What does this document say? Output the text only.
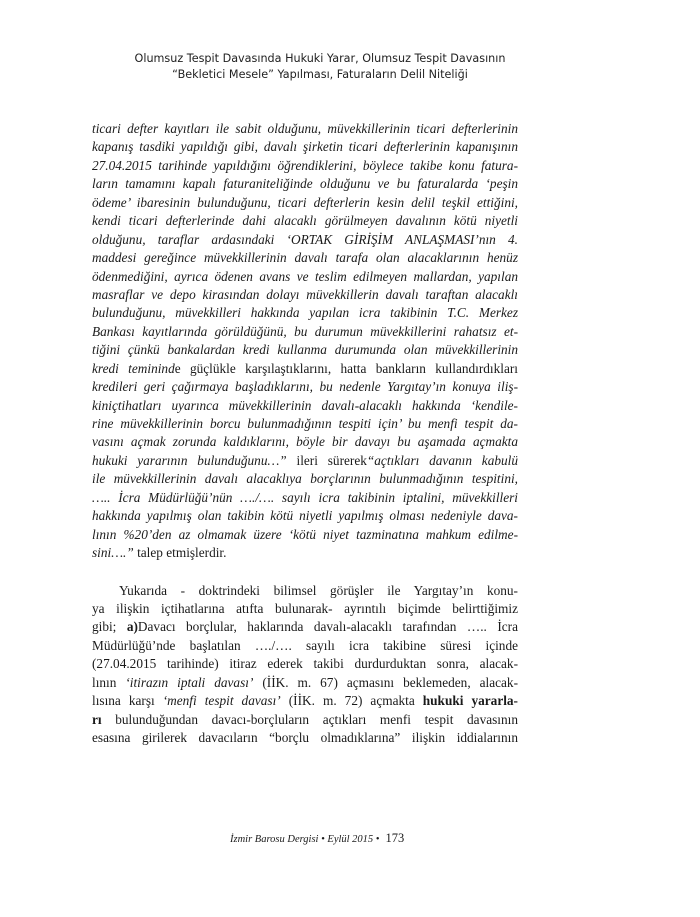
Olumsuz Tespit Davasında Hukuki Yarar, Olumsuz Tespit Davasının
“Bekletici Mesele” Yapılması, Faturaların Delil Niteliği
ticari defter kayıtları ile sabit olduğunu, müvekkillerinin ticari defterlerinin
kapanış tasdiki yapıldığı gibi, davalı şirketin ticari defterlerinin kapanışının
27.04.2015 tarihinde yapıldığını öğrendiklerini, böylece takibe konu fatura-
ların tamamını kapalı faturaniteliğinde olduğunu ve bu faturalarda ‘peşin
ödeme’ ibaresinin bulunduğunu, ticari defterlerin kesin delil teşkil ettiğini,
kendi ticari defterlerinde dahi alacaklı görülmeyen davalının kötü niyetli
olduğunu, taraflar ardasındaki ‘ORTAK GİRİŞİM ANLAŞMASI’nın 4.
maddesi gereğince müvekkillerinin davalı tarafa olan alacaklarının henüz
ödenmediğini, ayrıca ödenen avans ve teslim edilmeyen mallardan, yapılan
masraflar ve depo kirasından dolayı müvekkillerin davalı taraftan alacaklı
bulunduğunu, müvekkilleri hakkında yapılan icra takibinin T.C. Merkez
Bankası kayıtlarında görüldüğünü, bu durumun müvekkillerini rahatsız et-
tiğini çünkü bankalardan kredi kullanma durumunda olan müvekkillerinin
kredi temininde güçlükle karşılaştıklarını, hatta bankların kullandırdıkları
kredileri geri çağırmaya başladıklarını, bu nedenle Yargıtay’ın konuya iliş-
kiniçtihatları uyarınca müvekkillerinin davalı-alacaklı hakkında ‘kendile-
rine müvekkillerinin borcu bulunmadığının tespiti için’ bu menfi tespit da-
vasını açmak zorunda kaldıklarını, böyle bir davayı bu aşamada açmakta
hukuki yararının bulunduğunu…” ileri sürerek“açtıkları davanın kabulü
ile müvekkillerinin davalı alacaklıya borçlarının bulunmadığının tespitini,
….. İcra Müdürlüğü’nün …./…. sayılı icra takibinin iptalini, müvekkilleri
hakkında yapılmış olan takibin kötü niyetli yapılmış olması nedeniyle dava-
lının %20’den az olmamak üzere ‘kötü niyet tazminatına mahkum edilme-
sini….” talep etmişlerdir.
Yukarıda - doktrindeki bilimsel görüşler ile Yargıtay’ın konu-
ya ilişkin içtihatlarına atıfta bulunarak- ayrıntılı biçimde belirttiğimiz
gibi; a)Davacı borçlular, haklarında davalı-alacaklı tarafından ….. İcra
Müdürlüğü’nde başlatılan …./…. sayılı icra takibine süresi içinde
(27.04.2015 tarihinde) itiraz ederek takibi durdurduktan sonra, alacak-
lının ‘itirazın iptali davası’ (İİK. m. 67) açmasını beklemeden, alacak-
lısına karşı ‘menfi tespit davası’ (İİK. m. 72) açmakta hukuki yararla-
rı bulunduğundan davacı-borçluların açtıkları menfi tespit davasının
esasına girilerek davacıların “borçlu olmadıklarına” ilişkin iddialarının
İzmir Barosu Dergisi • Eylül 2015 • 173
